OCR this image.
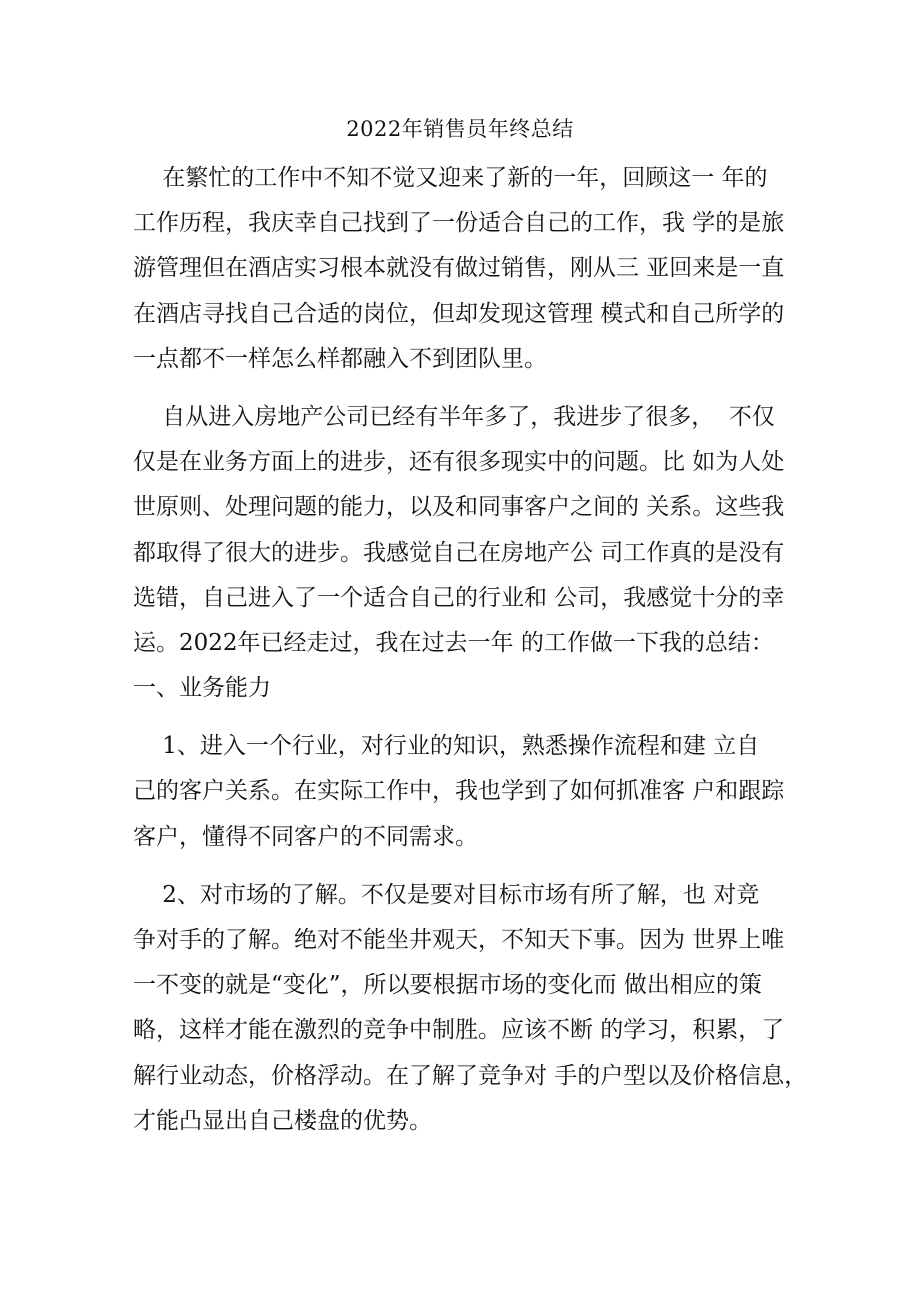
2022年销售员年终总结
在繁忙的工作中不知不觉又迎来了新的一年，回顾这一 年的
工作历程，我庆幸自己找到了一份适合自己的工作，我 学的是旅
游管理但在酒店实习根本就没有做过销售，刚从三 亚回来是一直
在酒店寻找自己合适的岗位，但却发现这管理 模式和自己所学的
一点都不一样怎么样都融入不到团队里。
自从进入房地产公司已经有半年多了，我进步了很多，  不仅
仅是在业务方面上的进步，还有很多现实中的问题。比 如为人处
世原则、处理问题的能力，以及和同事客户之间的 关系。这些我
都取得了很大的进步。我感觉自己在房地产公 司工作真的是没有
选错，自己进入了一个适合自己的行业和 公司，我感觉十分的幸
运。2022年已经走过，我在过去一年 的工作做一下我的总结：
一、业务能力
1、进入一个行业，对行业的知识，熟悉操作流程和建 立自
己的客户关系。在实际工作中，我也学到了如何抓准客 户和跟踪
客户，懂得不同客户的不同需求。
2、对市场的了解。不仅是要对目标市场有所了解，也 对竞
争对手的了解。绝对不能坐井观天，不知天下事。因为 世界上唯
一不变的就是“变化”，所以要根据市场的变化而 做出相应的策
略，这样才能在激烈的竞争中制胜。应该不断 的学习，积累，了
解行业动态，价格浮动。在了解了竞争对 手的户型以及价格信息，
才能凸显出自己楼盘的优势。
